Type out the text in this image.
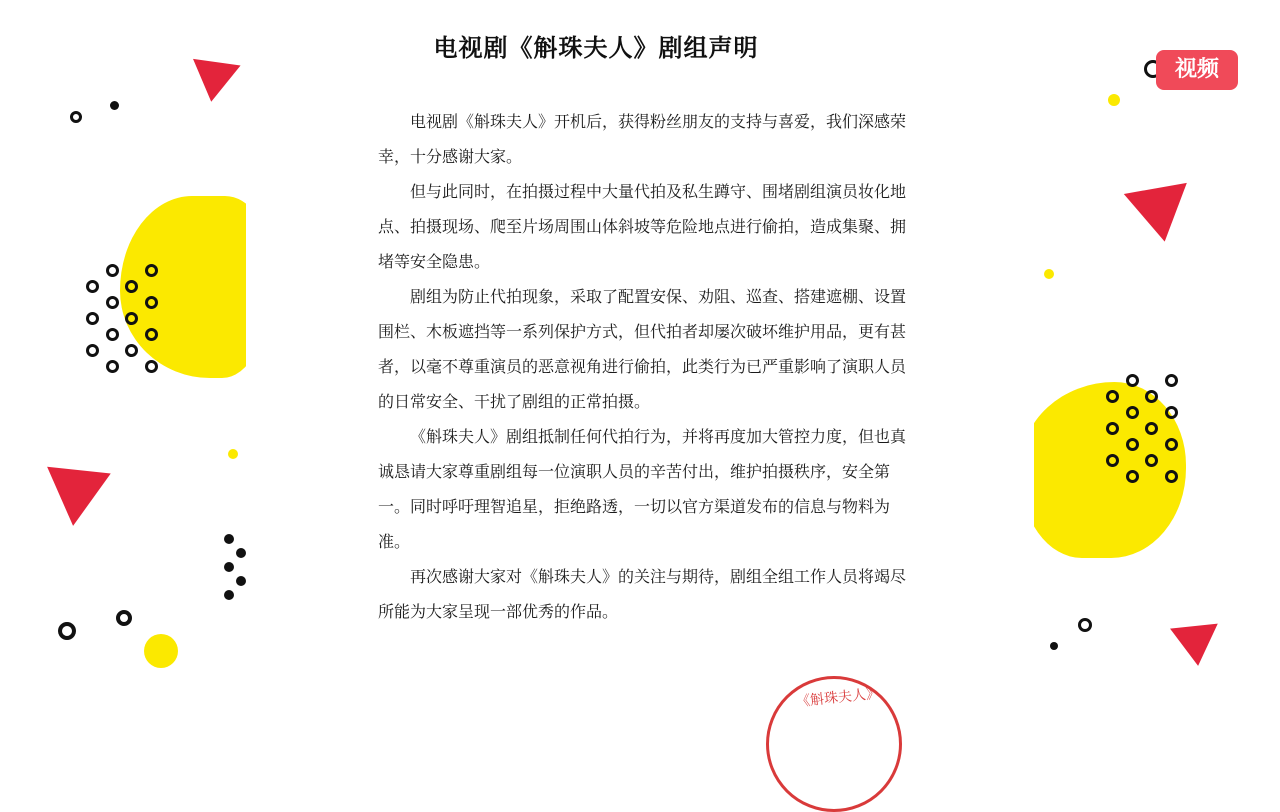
电视剧《斛珠夫人》剧组声明

电视剧《斛珠夫人》开机后，获得粉丝朋友的支持与喜爱，我们深感荣幸，十分感谢大家。

但与此同时，在拍摄过程中大量代拍及私生蹲守、围堵剧组演员妆化地点、拍摄现场、爬至片场周围山体斜坡等危险地点进行偷拍，造成集聚、拥堵等安全隐患。

剧组为防止代拍现象，采取了配置安保、劝阻、巡查、搭建遮棚、设置围栏、木板遮挡等一系列保护方式，但代拍者却屡次破坏维护用品，更有甚者，以毫不尊重演员的恶意视角进行偷拍，此类行为已严重影响了演职人员的日常安全、干扰了剧组的正常拍摄。

《斛珠夫人》剧组抵制任何代拍行为，并将再度加大管控力度，但也真诚恳请大家尊重剧组每一位演职人员的辛苦付出，维护拍摄秩序，安全第一。同时呼吁理智追星，拒绝路透，一切以官方渠道发布的信息与物料为准。

再次感谢大家对《斛珠夫人》的关注与期待，剧组全组工作人员将竭尽所能为大家呈现一部优秀的作品。

《斛珠夫人》
视频
